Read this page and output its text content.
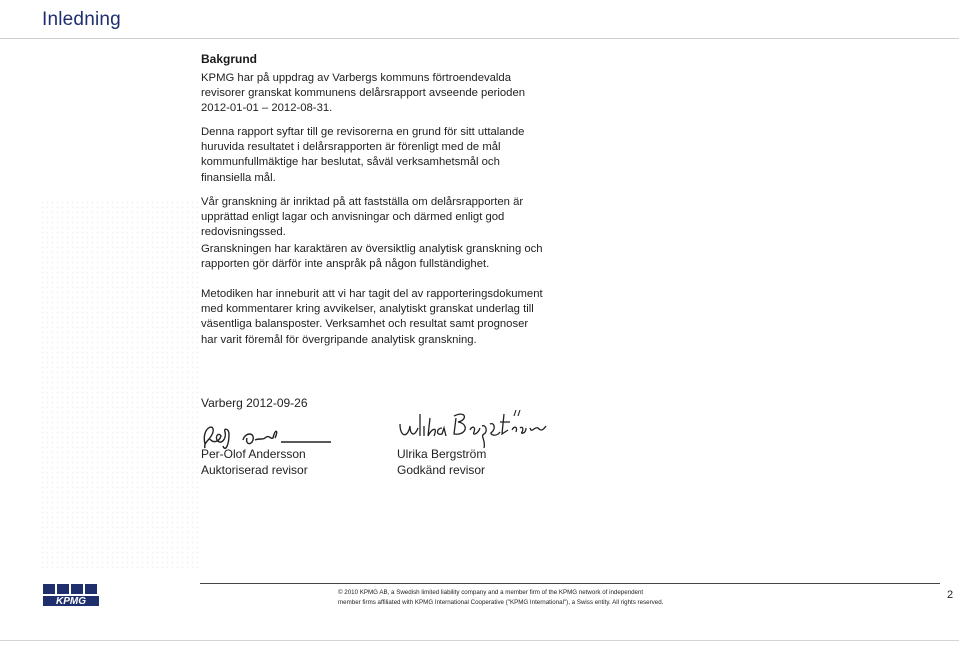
Inledning
Bakgrund

KPMG har på uppdrag av Varbergs kommuns förtroendevalda revisorer granskat kommunens delårsrapport avseende perioden 2012-01-01 – 2012-08-31.

Denna rapport syftar till ge revisorerna en grund för sitt uttalande huruvida resultatet i delårsrapporten är förenligt med de mål kommunfullmäktige har beslutat, såväl verksamhetsmål och finansiella mål.

Vår granskning är inriktad på att fastställa om delårsrapporten är upprättad enligt lagar och anvisningar och därmed enligt god redovisningssed.

Granskningen har karaktären av översiktlig analytisk granskning och rapporten gör därför inte anspråk på någon fullständighet.

Metodiken har inneburit att vi har tagit del av rapporteringsdokument med kommentarer kring avvikelser, analytiskt granskat underlag till väsentliga balansposter. Verksamhet och resultat samt prognoser har varit föremål för övergripande analytisk granskning.

Varberg 2012-09-26
Per-Olof Andersson
Auktoriserad revisor
Ulrika Bergström
Godkänd revisor
KPMG
© 2010 KPMG AB, a Swedish limited liability company and a member firm of the KPMG network of independent
member firms affiliated with KPMG International Cooperative ("KPMG International"), a Swiss entity. All rights reserved.
2
